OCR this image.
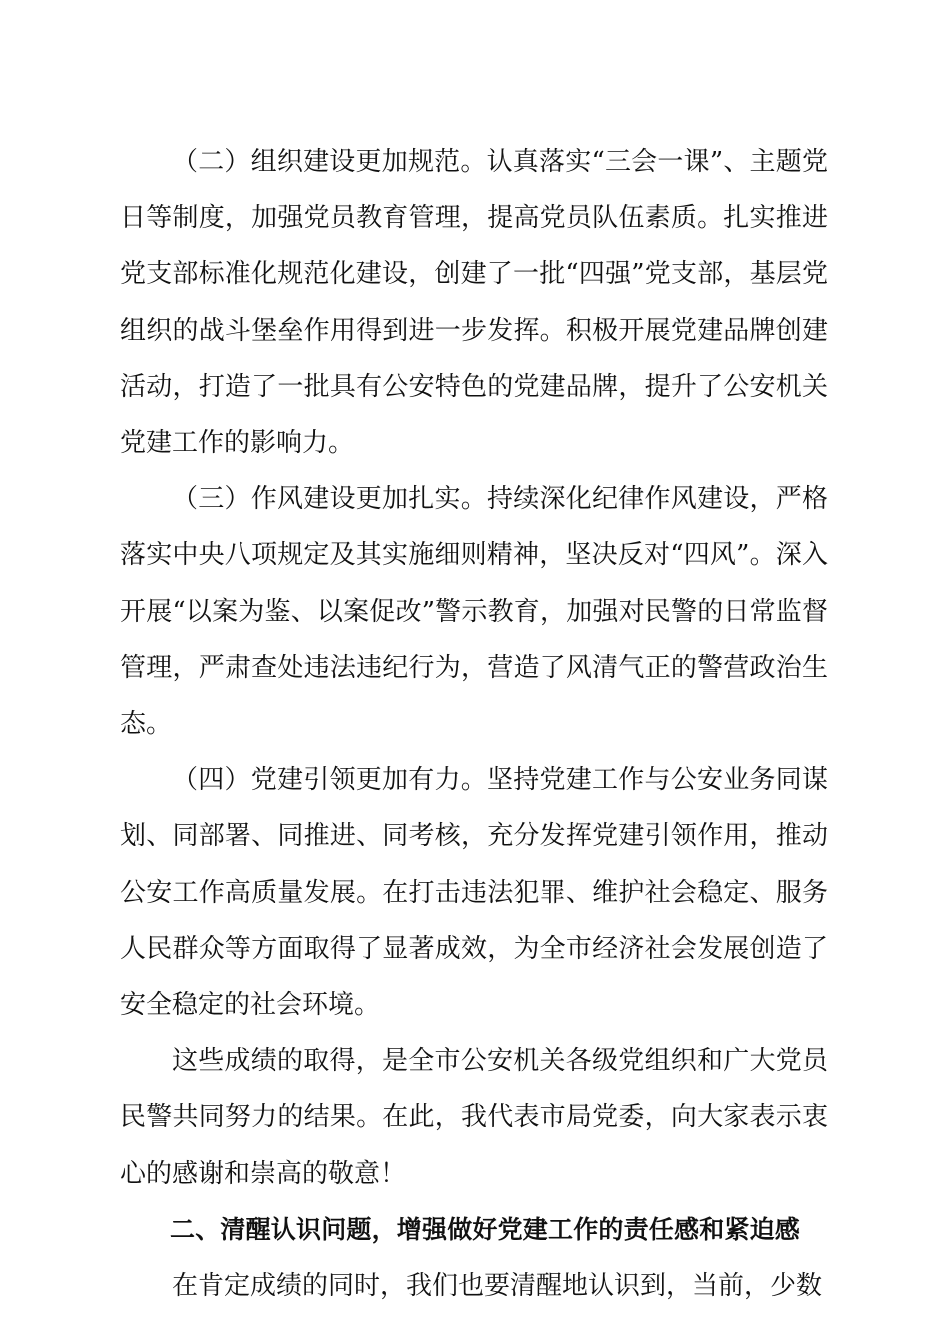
（二）组织建设更加规范。认真落实“三会一课”、主题党日等制度，加强党员教育管理，提高党员队伍素质。扎实推进党支部标准化规范化建设，创建了一批“四强”党支部，基层党组织的战斗堡垒作用得到进一步发挥。积极开展党建品牌创建活动，打造了一批具有公安特色的党建品牌，提升了公安机关党建工作的影响力。

（三）作风建设更加扎实。持续深化纪律作风建设，严格落实中央八项规定及其实施细则精神，坚决反对“四风”。深入开展“以案为鉴、以案促改”警示教育，加强对民警的日常监督管理，严肃查处违法违纪行为，营造了风清气正的警营政治生态。

（四）党建引领更加有力。坚持党建工作与公安业务同谋划、同部署、同推进、同考核，充分发挥党建引领作用，推动公安工作高质量发展。在打击违法犯罪、维护社会稳定、服务人民群众等方面取得了显著成效，为全市经济社会发展创造了安全稳定的社会环境。

这些成绩的取得，是全市公安机关各级党组织和广大党员民警共同努力的结果。在此，我代表市局党委，向大家表示衷心的感谢和崇高的敬意！

二、清醒认识问题，增强做好党建工作的责任感和紧迫感

在肯定成绩的同时，我们也要清醒地认识到，当前，少数
